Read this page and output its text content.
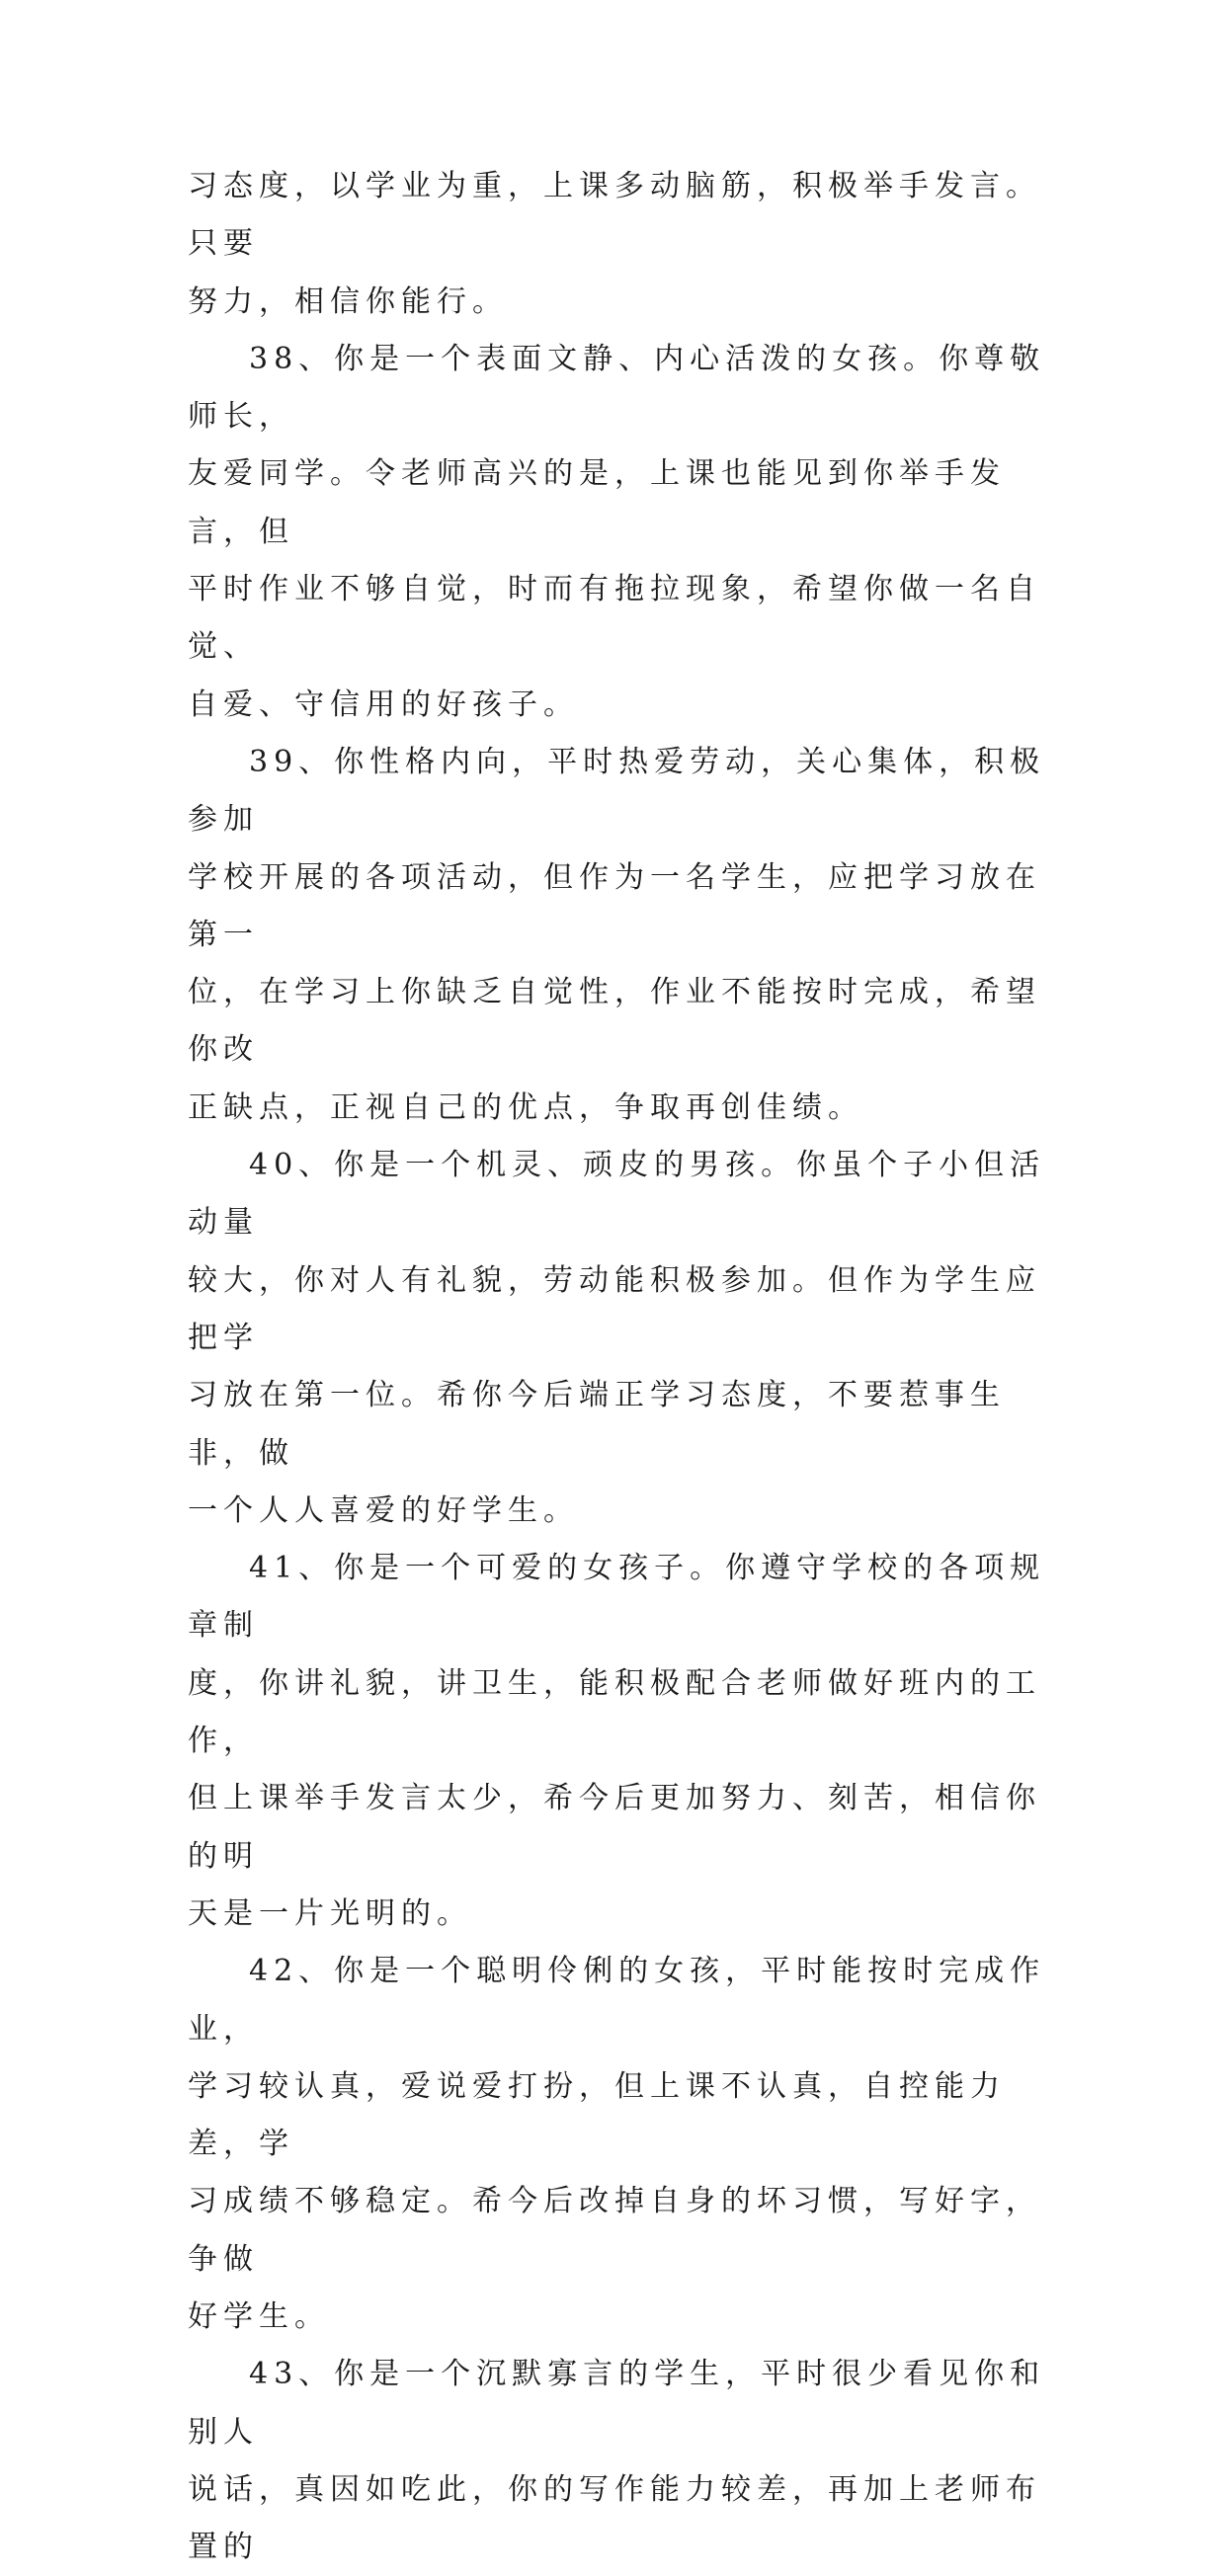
习态度，以学业为重，上课多动脑筋，积极举手发言。只要
努力，相信你能行。

38、你是一个表面文静、内心活泼的女孩。你尊敬师长，
友爱同学。令老师高兴的是，上课也能见到你举手发言，但
平时作业不够自觉，时而有拖拉现象，希望你做一名自觉、
自爱、守信用的好孩子。

39、你性格内向，平时热爱劳动，关心集体，积极参加
学校开展的各项活动，但作为一名学生，应把学习放在第一
位，在学习上你缺乏自觉性，作业不能按时完成，希望你改
正缺点，正视自己的优点，争取再创佳绩。

40、你是一个机灵、顽皮的男孩。你虽个子小但活动量
较大，你对人有礼貌，劳动能积极参加。但作为学生应把学
习放在第一位。希你今后端正学习态度，不要惹事生非，做
一个人人喜爱的好学生。

41、你是一个可爱的女孩子。你遵守学校的各项规章制
度，你讲礼貌，讲卫生，能积极配合老师做好班内的工作，
但上课举手发言太少，希今后更加努力、刻苦，相信你的明
天是一片光明的。

42、你是一个聪明伶俐的女孩，平时能按时完成作业，
学习较认真，爱说爱打扮，但上课不认真，自控能力差，学
习成绩不够稳定。希今后改掉自身的坏习惯，写好字，争做
好学生。

43、你是一个沉默寡言的学生，平时很少看见你和别人
说话，真因如吃此，你的写作能力较差，再加上老师布置的
